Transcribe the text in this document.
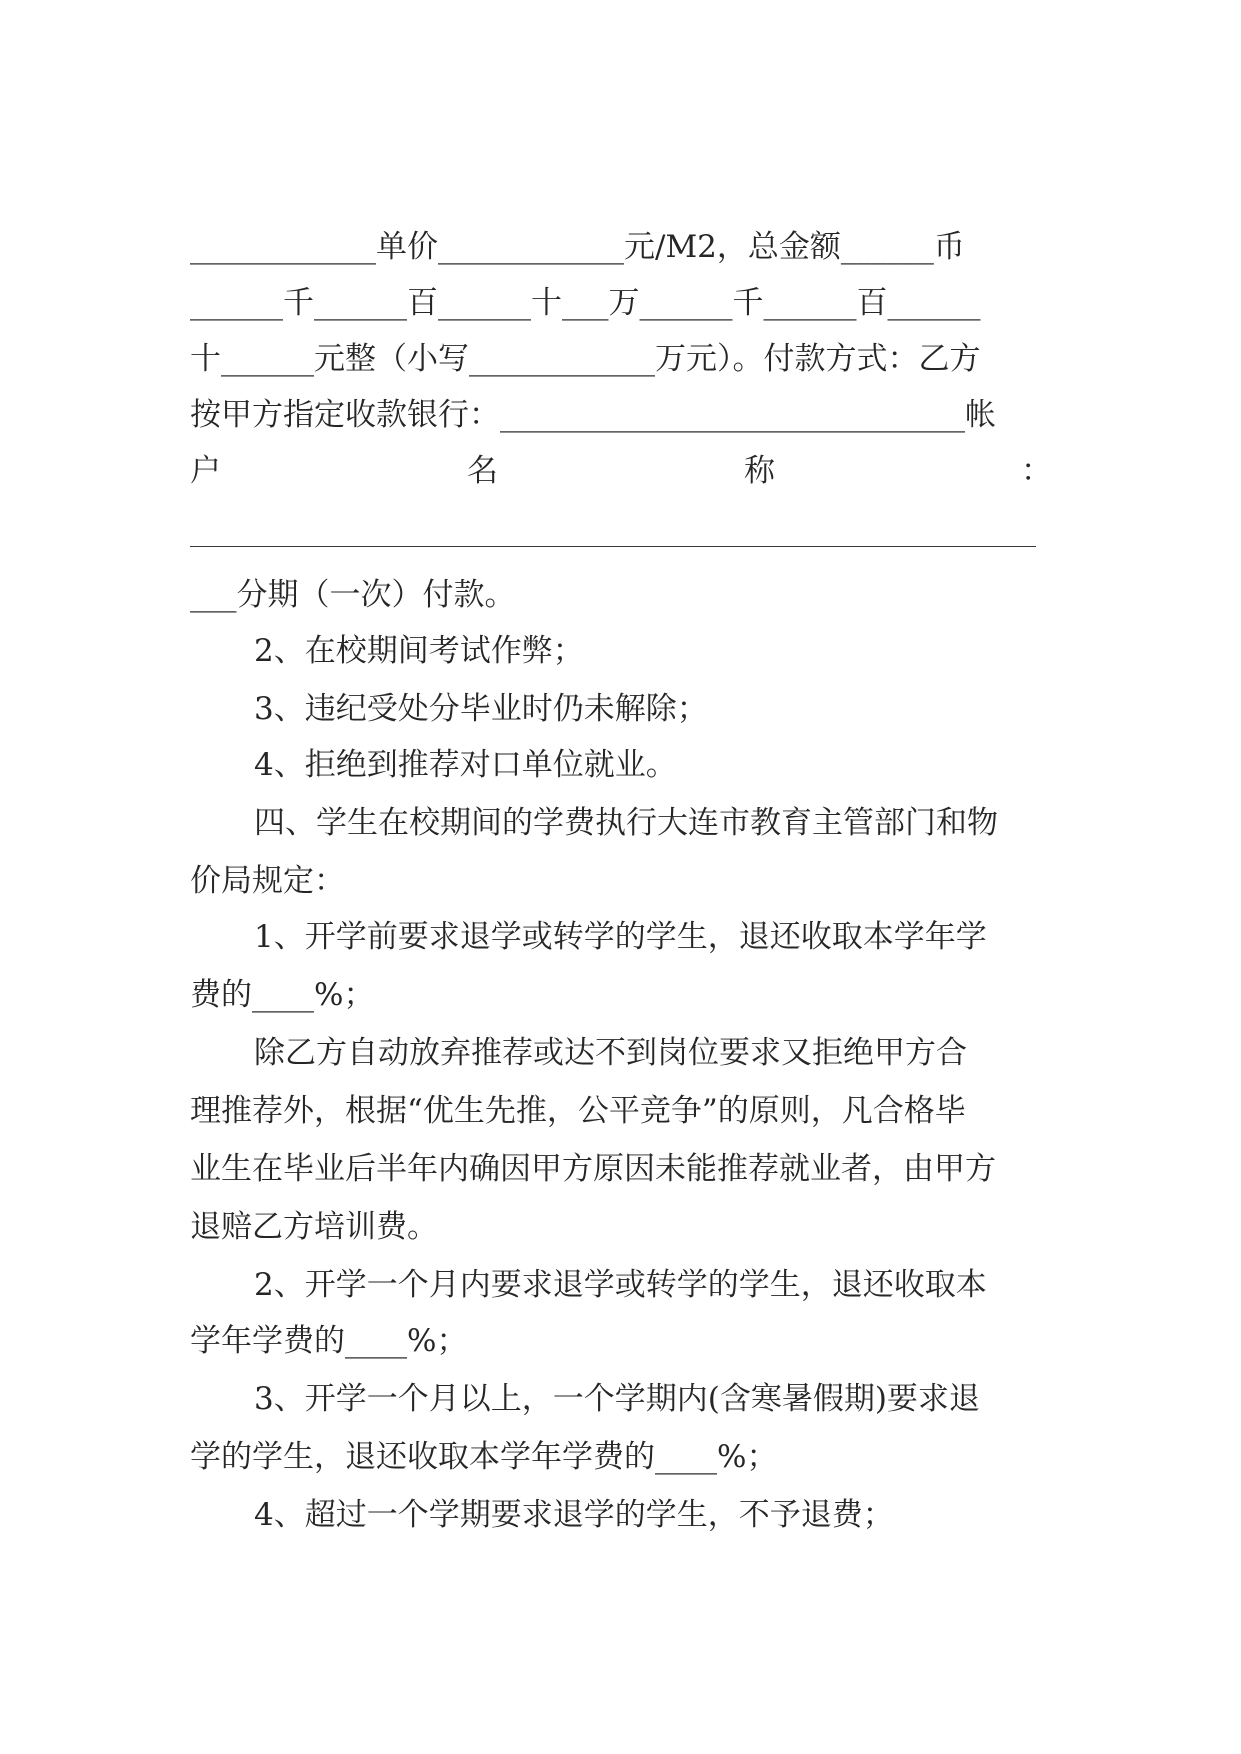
____________单价____________元/M2，总金额______币
______千______百______十___万______千______百______
十______元整（小写____________万元）。付款方式：乙方
按甲方指定收款银行：______________________________帐
户	名	称	：
___分期（一次）付款。
2、在校期间考试作弊；
3、违纪受处分毕业时仍未解除；
4、拒绝到推荐对口单位就业。
四、学生在校期间的学费执行大连市教育主管部门和物
价局规定：
1、开学前要求退学或转学的学生，退还收取本学年学
费的____%；
除乙方自动放弃推荐或达不到岗位要求又拒绝甲方合
理推荐外，根据“优生先推，公平竞争”的原则，凡合格毕
业生在毕业后半年内确因甲方原因未能推荐就业者，由甲方
退赔乙方培训费。
2、开学一个月内要求退学或转学的学生，退还收取本
学年学费的____%；
3、开学一个月以上，一个学期内(含寒暑假期)要求退
学的学生，退还收取本学年学费的____%；
4、超过一个学期要求退学的学生，不予退费；
